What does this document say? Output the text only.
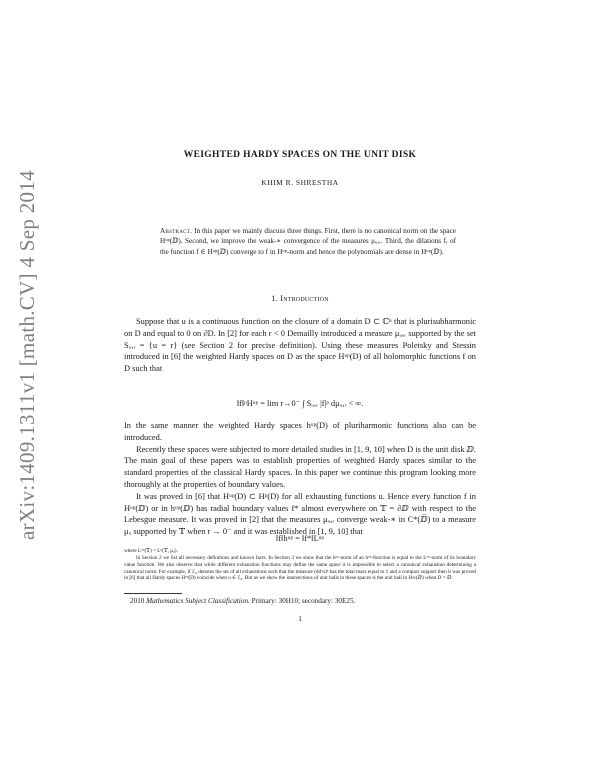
arXiv:1409.1311v1 [math.CV] 4 Sep 2014
WEIGHTED HARDY SPACES ON THE UNIT DISK
KHIM R. SHRESTHA
Abstract. In this paper we mainly discuss three things. First, there is no canonical norm on the space Hᵘᵖ(ⅅ). Second, we improve the weak-∗ convergence of the measures μᵤ,ᵣ. Third, the dilations fᵣ of the function f ∈ Hᵘᵖ(ⅅ) converge to f in Hᵘᵖ-norm and hence the polynomials are dense in Hᵘᵖ(ⅅ).
1. Introduction

Suppose that u is a continuous function on the closure of a domain D ⊂ ℂⁿ that is plurisubharmonic on D and equal to 0 on ∂D. In [2] for each r < 0 Demailly introduced a measure μᵤ,ᵣ supported by the set Sᵤ,ᵣ = {u = r} (see Section 2 for precise definition). Using these measures Poletsky and Stessin introduced in [6] the weighted Hardy spaces on D as the space Hᵘᵖ(D) of all holomorphic functions f on D such that

‖f‖ᵖHᵘᵖ = lim r→0⁻ ∫ Sᵤ,ᵣ |f|ᵖ dμᵤ,ᵣ < ∞.

In the same manner the weighted Hardy spaces hᵘᵖ(D) of pluriharmonic functions also can be introduced.

Recently these spaces were subjected to more detailed studies in [1, 9, 10] when D is the unit disk ⅅ. The main goal of these papers was to establish properties of weighted Hardy spaces similar to the standard properties of the classical Hardy spaces. In this paper we continue this program looking more thoroughly at the properties of boundary values.

It was proved in [6] that Hᵘᵖ(D) ⊂ Hᵖ(D) for all exhausting functions u. Hence every function f in Hᵘᵖ(ⅅ) or in hᵘᵖ(ⅅ) has radial boundary values f* almost everywhere on 𝕋 = ∂ⅅ with respect to the Lebesgue measure. It was proved in [2] that the measures μᵤ,ᵣ converge weak-∗ in C*(ⅅ̅) to a measure μᵤ supported by 𝕋 when r → 0⁻ and it was established in [1, 9, 10] that

‖f‖hᵘᵖ = ‖f*‖Lᵘᵖ

where Lᵘᵖ(𝕋) = Lᵖ(𝕋, μᵤ).

In Section 2 we list all necessary definitions and known facts. In Section 3 we show that the hᵘᵖ-norm of an hᵘᵖ-function is equal to the Lᵘᵖ-norm of its boundary value function. We also observe that while different exhaustion functions may define the same space it is impossible to select a canonical exhaustion determining a canonical norm. For example, if ℰ₀ denotes the set of all exhaustions such that the measure (ddᶜu)ⁿ has the total mass equal to 1 and a compact support then it was proved in [6] that all Hardy spaces Hᵘᵖ(D) coincide when u ∈ ℰ₀. But as we show the intersections of unit balls in these spaces is the unit ball in H∞(ⅅ) when D = ⅅ.

2010 Mathematics Subject Classification. Primary: 30H10; secondary: 30E25.
1
